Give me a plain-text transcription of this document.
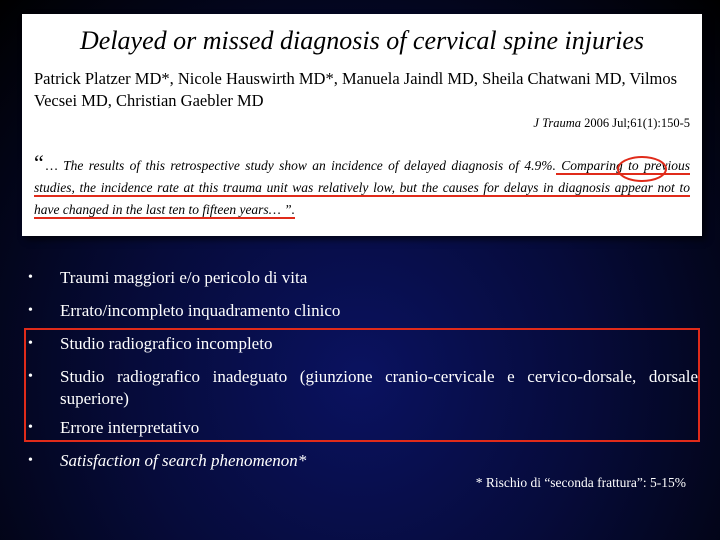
Delayed or missed diagnosis of cervical spine injuries
Patrick Platzer MD*, Nicole Hauswirth MD*, Manuela Jaindl MD, Sheila Chatwani MD, Vilmos Vecsei MD, Christian Gaebler MD
J Trauma 2006 Jul;61(1):150-5
“ … The results of this retrospective study show an incidence of delayed diagnosis of 4.9%. Comparing to previous studies, the incidence rate at this trauma unit was relatively low, but the causes for delays in diagnosis appear not to have changed in the last ten to fifteen years… ”.
•	Traumi maggiori e/o pericolo di vita
•	Errato/incompleto inquadramento clinico
•	Studio radiografico incompleto
•	Studio radiografico inadeguato (giunzione cranio-cervicale e cervico-dorsale, dorsale superiore)
•	Errore interpretativo
•	Satisfaction of search phenomenon*
* Rischio di “seconda frattura”: 5-15%
